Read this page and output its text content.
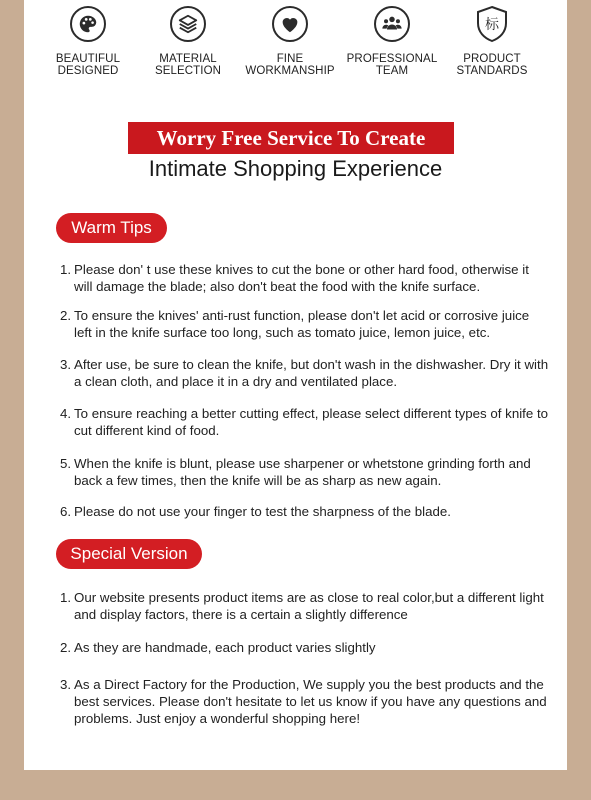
BEAUTIFUL
DESIGNED
MATERIAL
SELECTION
FINE
WORKMANSHIP
PROFESSIONAL
TEAM
标
PRODUCT
STANDARDS
Worry Free Service To Create
Intimate Shopping Experience
Warm Tips
1. Please don' t use these knives to cut the bone or other hard food, otherwise it will damage the blade; also don't beat the food with the knife surface.
2. To ensure the knives' anti-rust function, please don't let acid or corrosive juice left in the knife surface too long, such as tomato juice, lemon juice, etc.
3. After use, be sure to clean the knife, but don't wash in the dishwasher. Dry it with a clean cloth, and place it in a dry and ventilated place.
4. To ensure reaching a better cutting effect, please select different types of knife to cut different kind of food.
5. When the knife is blunt, please use sharpener or whetstone grinding forth and back a few times, then the knife will be as sharp as new again.
6. Please do not use your finger to test the sharpness of the blade.
Special Version
1. Our website presents product items are as close to real color,but a different light and display factors, there is a certain a slightly difference
2. As they are handmade, each product varies slightly
3. As a Direct Factory for the Production, We supply you the best products and the best services. Please don't hesitate to let us know if you have any questions and problems. Just enjoy a wonderful shopping here!
